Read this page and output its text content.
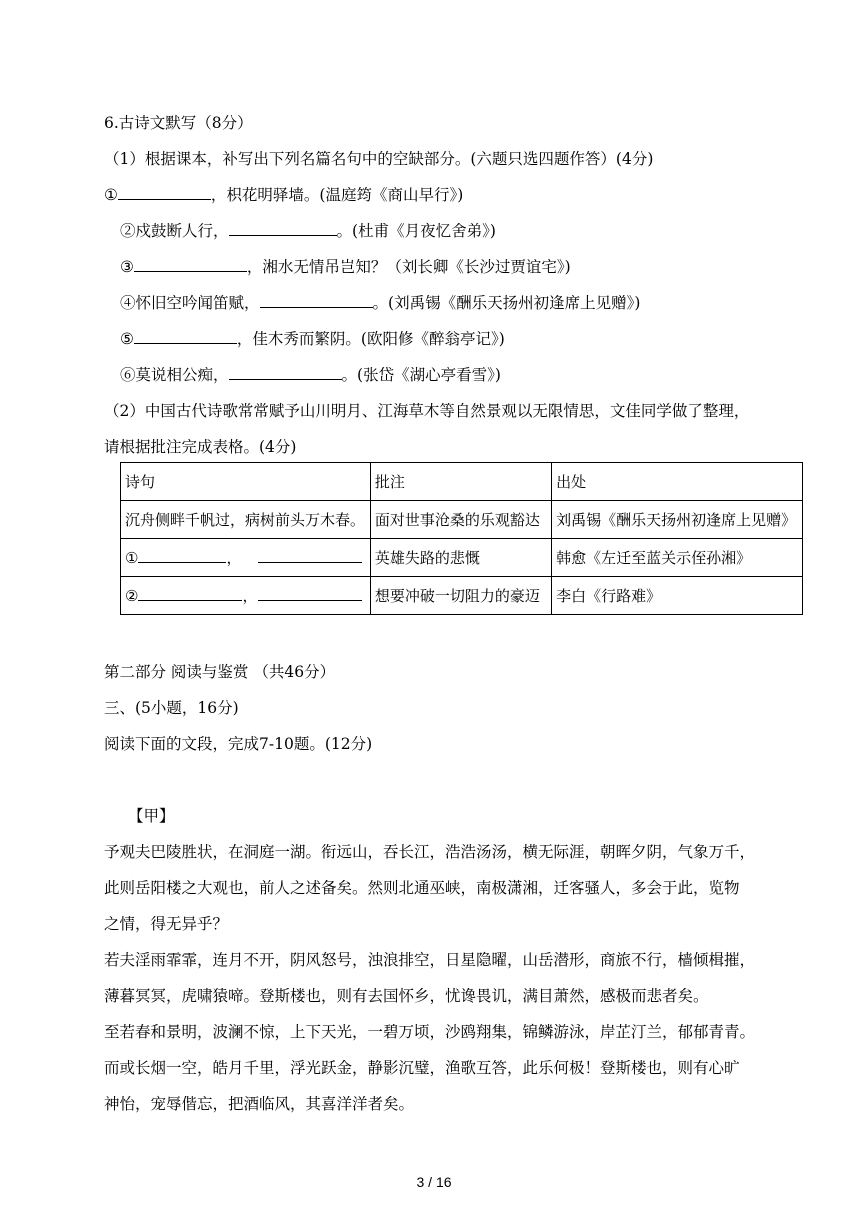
6.古诗文默写（8分）
（1）根据课本，补写出下列名篇名句中的空缺部分。(六题只选四题作答）(4分)
①	，枳花明驿墙。(温庭筠《商山早行》)
②戍鼓断人行，	。(杜甫《月夜忆舍弟》)
③	，湘水无情吊岂知？（刘长卿《长沙过贾谊宅》)
④怀旧空吟闻笛赋，	。(刘禹锡《酬乐天扬州初逢席上见赠》)
⑤	，佳木秀而繁阴。(欧阳修《醉翁亭记》)
⑥莫说相公痴，	。(张岱《湖心亭看雪》)
（2）中国古代诗歌常常赋予山川明月、江海草木等自然景观以无限情思，文佳同学做了整理，
请根据批注完成表格。(4分)
诗句	批注	出处
沉舟侧畔千帆过，病树前头万木春。	面对世事沧桑的乐观豁达	刘禹锡《酬乐天扬州初逢席上见赠》
① ，	英雄失路的悲慨	韩愈《左迁至蓝关示侄孙湘》
② ，	想要冲破一切阻力的豪迈	李白《行路难》
第二部分 阅读与鉴赏 （共46分）
三、(5小题，16分)
阅读下面的文段，完成7-10题。(12分)
【甲】
予观夫巴陵胜状，在洞庭一湖。衔远山，吞长江，浩浩汤汤，横无际涯，朝晖夕阴，气象万千，
此则岳阳楼之大观也，前人之述备矣。然则北通巫峡，南极潇湘，迁客骚人，多会于此，览物
之情，得无异乎？
若夫淫雨霏霏，连月不开，阴风怒号，浊浪排空，日星隐曜，山岳潜形，商旅不行，樯倾楫摧，
薄暮冥冥，虎啸猿啼。登斯楼也，则有去国怀乡，忧谗畏讥，满目萧然，感极而悲者矣。
至若春和景明，波澜不惊，上下天光，一碧万顷，沙鸥翔集，锦鳞游泳，岸芷汀兰，郁郁青青。
而或长烟一空，皓月千里，浮光跃金，静影沉璧，渔歌互答，此乐何极！登斯楼也，则有心旷
神怡，宠辱偕忘，把酒临风，其喜洋洋者矣。
3 / 16
